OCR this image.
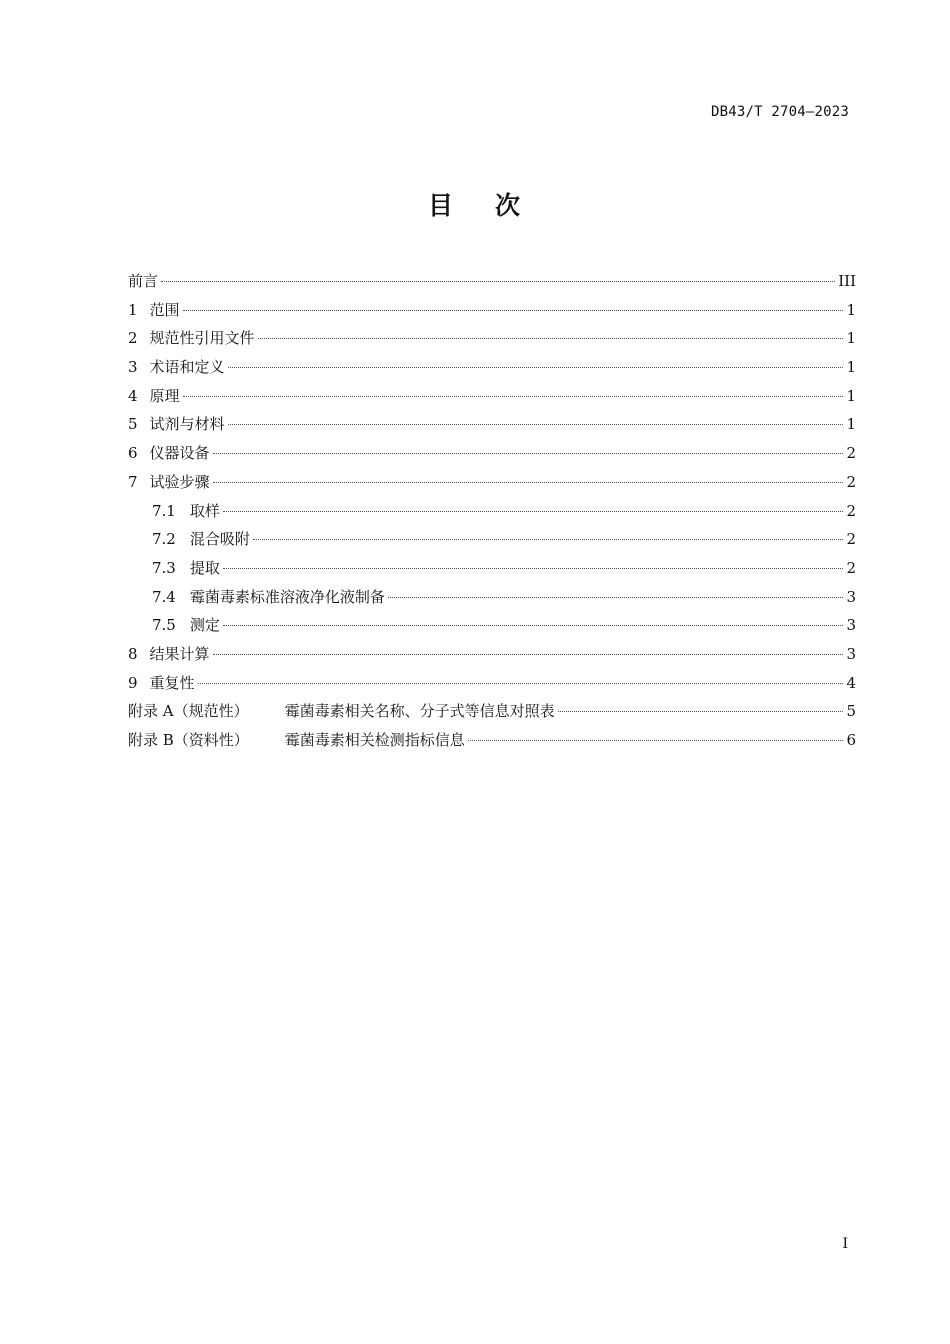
DB43/T 2704—2023
目 次
前言	III
1 范围	1
2 规范性引用文件	1
3 术语和定义	1
4 原理	1
5 试剂与材料	1
6 仪器设备	2
7 试验步骤	2
7.1 取样	2
7.2 混合吸附	2
7.3 提取	2
7.4 霉菌毒素标准溶液净化液制备	3
7.5 测定	3
8 结果计算	3
9 重复性	4
附录 A（规范性） 霉菌毒素相关名称、分子式等信息对照表	5
附录 B（资料性） 霉菌毒素相关检测指标信息	6
I
